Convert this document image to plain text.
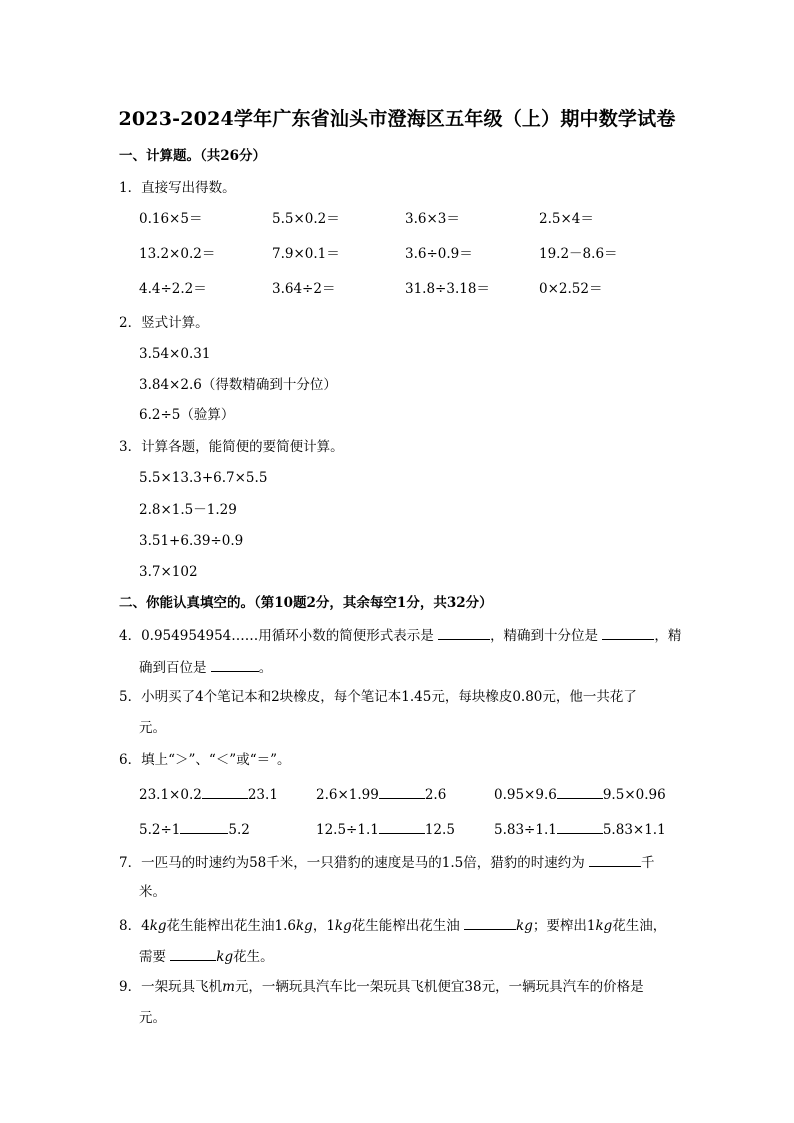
2023-2024学年广东省汕头市澄海区五年级（上）期中数学试卷
一、计算题。（共26分）
1．直接写出得数。
0.16×5＝	5.5×0.2＝	3.6×3＝	2.5×4＝
13.2×0.2＝	7.9×0.1＝	3.6÷0.9＝	19.2－8.6＝
4.4÷2.2＝	3.64÷2＝	31.8÷3.18＝	0×2.52＝
2．竖式计算。
3.54×0.31
3.84×2.6（得数精确到十分位）
6.2÷5（验算）
3．计算各题，能简便的要简便计算。
5.5×13.3+6.7×5.5
2.8×1.5－1.29
3.51+6.39÷0.9
3.7×102
二、你能认真填空的。（第10题2分，其余每空1分，共32分）
4．0.954954954……用循环小数的简便形式表示是	，精确到十分位是	，精
确到百位是	。
5．小明买了4个笔记本和2块橡皮，每个笔记本1.45元，每块橡皮0.80元，他一共花了
元。
6．填上“＞”、“＜”或“＝”。
23.1×0.2	23.1	2.6×1.99	2.6	0.95×9.6	9.5×0.96
5.2÷1	5.2	12.5÷1.1	12.5	5.83÷1.1	5.83×1.1
7．一匹马的时速约为58千米，一只猎豹的速度是马的1.5倍，猎豹的时速约为	千
米。
8．4kg花生能榨出花生油1.6kg，1kg花生能榨出花生油	kg；要榨出1kg花生油，
需要	kg花生。
9．一架玩具飞机m元，一辆玩具汽车比一架玩具飞机便宜38元，一辆玩具汽车的价格是
元。
